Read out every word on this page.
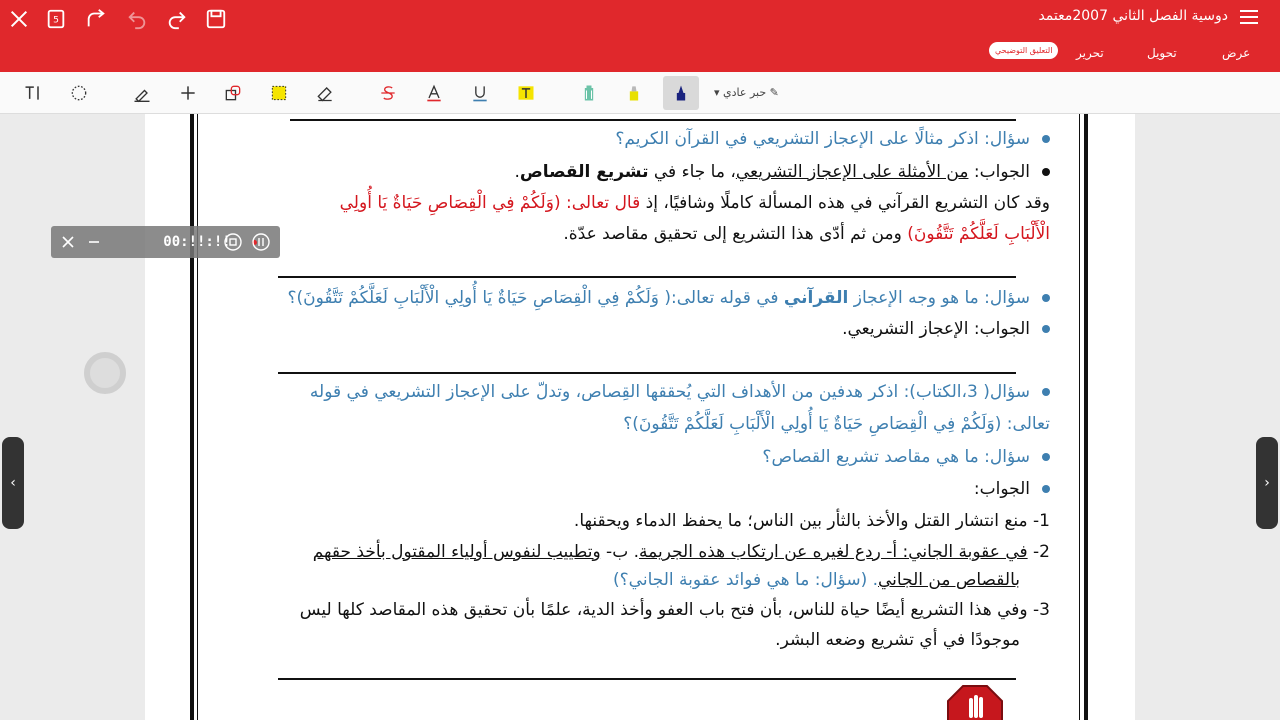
5	دوسية الفصل الثاني 2007معتمد
عرض
تحويل
تحرير
التعليق التوضيحي
✎ حبر عادي ▾
سؤال: اذكر مثالًا على الإعجاز التشريعي في القرآن الكريم؟
الجواب: من الأمثلة على الإعجاز التشريعي، ما جاء في تشريع القصاص.
وقد كان التشريع القرآني في هذه المسألة كاملًا وشافيًا، إذ قال تعالى: (وَلَكُمْ فِي الْقِصَاصِ حَيَاةٌ يَا أُولِي
الْأَلْبَابِ لَعَلَّكُمْ تَتَّقُونَ) ومن ثم أدّى هذا التشريع إلى تحقيق مقاصد عدّة.
سؤال: ما هو وجه الإعجاز القرآني في قوله تعالى:( وَلَكُمْ فِي الْقِصَاصِ حَيَاةٌ يَا أُولِي الْأَلْبَابِ لَعَلَّكُمْ تَتَّقُونَ)؟
الجواب: الإعجاز التشريعي.
سؤال( 3،الكتاب): اذكر هدفين من الأهداف التي يُحققها القِصاص، وتدلّ على الإعجاز التشريعي في قوله
تعالى: (وَلَكُمْ فِي الْقِصَاصِ حَيَاةٌ يَا أُولِي الْأَلْبَابِ لَعَلَّكُمْ تَتَّقُونَ)؟
سؤال: ما هي مقاصد تشريع القصاص؟
الجواب:
1- منع انتشار القتل والأخذ بالثأر بين الناس؛ ما يحفظ الدماء ويحقنها.
2- في عقوبة الجاني: أ- ردع لغيره عن ارتكاب هذه الجريمة. ب- وتطييب لنفوس أولياء المقتول بأخذ حقهم
بالقصاص من الجاني. (سؤال: ما هي فوائد عقوبة الجاني؟)
3- وفي هذا التشريع أيضًا حياة للناس، بأن فتح باب العفو وأخذ الدية، علمًا بأن تحقيق هذه المقاصد كلها ليس
موجودًا في أي تشريع وضعه البشر.
00:!!:!!
‹	›
